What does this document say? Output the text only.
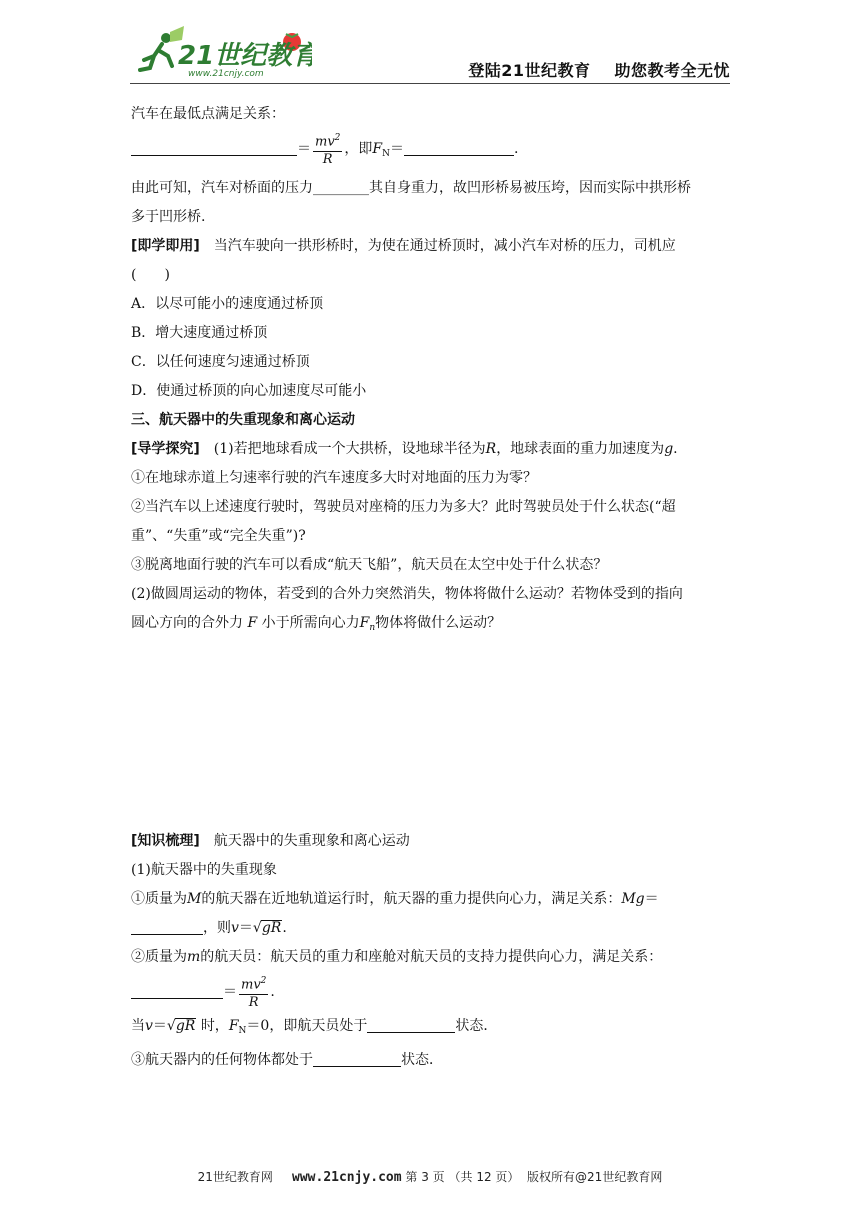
21世纪教育
www.21cnjy.com	登陆21世纪教育 助您教考全无忧

汽车在最低点满足关系：

＝ $\frac{mv^2}{R}$ ，即$F_N=$	.

由此可知，汽车对桥面的压力________其自身重力，故凹形桥易被压垮，因而实际中拱形桥

多于凹形桥.

[即学即用]　当汽车驶向一拱形桥时，为使在通过桥顶时，减小汽车对桥的压力，司机应

(　　)

A．以尽可能小的速度通过桥顶

B．增大速度通过桥顶

C．以任何速度匀速通过桥顶

D．使通过桥顶的向心加速度尽可能小

三、航天器中的失重现象和离心运动

[导学探究]　(1)若把地球看成一个大拱桥，设地球半径为R，地球表面的重力加速度为g.

①在地球赤道上匀速率行驶的汽车速度多大时对地面的压力为零？

②当汽车以上述速度行驶时，驾驶员对座椅的压力为多大？此时驾驶员处于什么状态(“超

重”、“失重”或“完全失重”)?

③脱离地面行驶的汽车可以看成“航天飞船”，航天员在太空中处于什么状态？

(2)做圆周运动的物体，若受到的合外力突然消失，物体将做什么运动？若物体受到的指向

圆心方向的合外力 F 小于所需向心力$F_n$物体将做什么运动？

[知识梳理]　航天器中的失重现象和离心运动

(1)航天器中的失重现象

①质量为M的航天器在近地轨道运行时，航天器的重力提供向心力，满足关系：Mg＝

，则v＝√gR.

②质量为m的航天员：航天员的重力和座舱对航天员的支持力提供向心力，满足关系：

＝ $\frac{mv^2}{R}$ .

当v＝√gR 时，$F_N=0$，即航天员处于	状态．

③航天器内的任何物体都处于	状态．

21世纪教育网 www.21cnjy.com 第 3 页 （共 12 页） 版权所有@21世纪教育网
